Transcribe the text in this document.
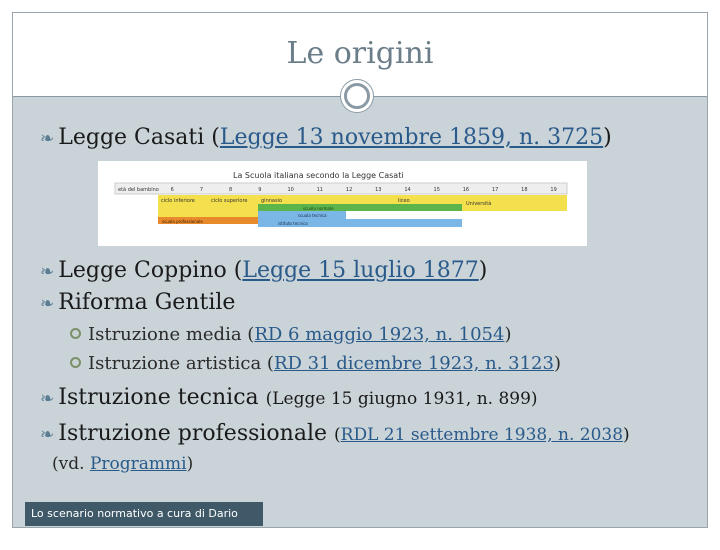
Le origini
❧ Legge Casati (Legge 13 novembre 1859, n. 3725)
La Scuola italiana secondo la Legge Casati
età del bambino 6	7	8	9	10	11	12	13	14	15	16	17	18	19
ciclo inferiore	ciclo superiore	ginnasio	liceo	Università
scuola normale
scuola tecnica
istituto tecnico
scuola professionale
❧ Legge Coppino (Legge 15 luglio 1877)
❧ Riforma Gentile
Istruzione media (RD 6 maggio 1923, n. 1054)
Istruzione artistica (RD 31 dicembre 1923, n. 3123)
❧ Istruzione tecnica (Legge 15 giugno 1931, n. 899)
❧ Istruzione professionale (RDL 21 settembre 1938, n. 2038)
(vd. Programmi)
Lo scenario normativo a cura di Dario Cillo
